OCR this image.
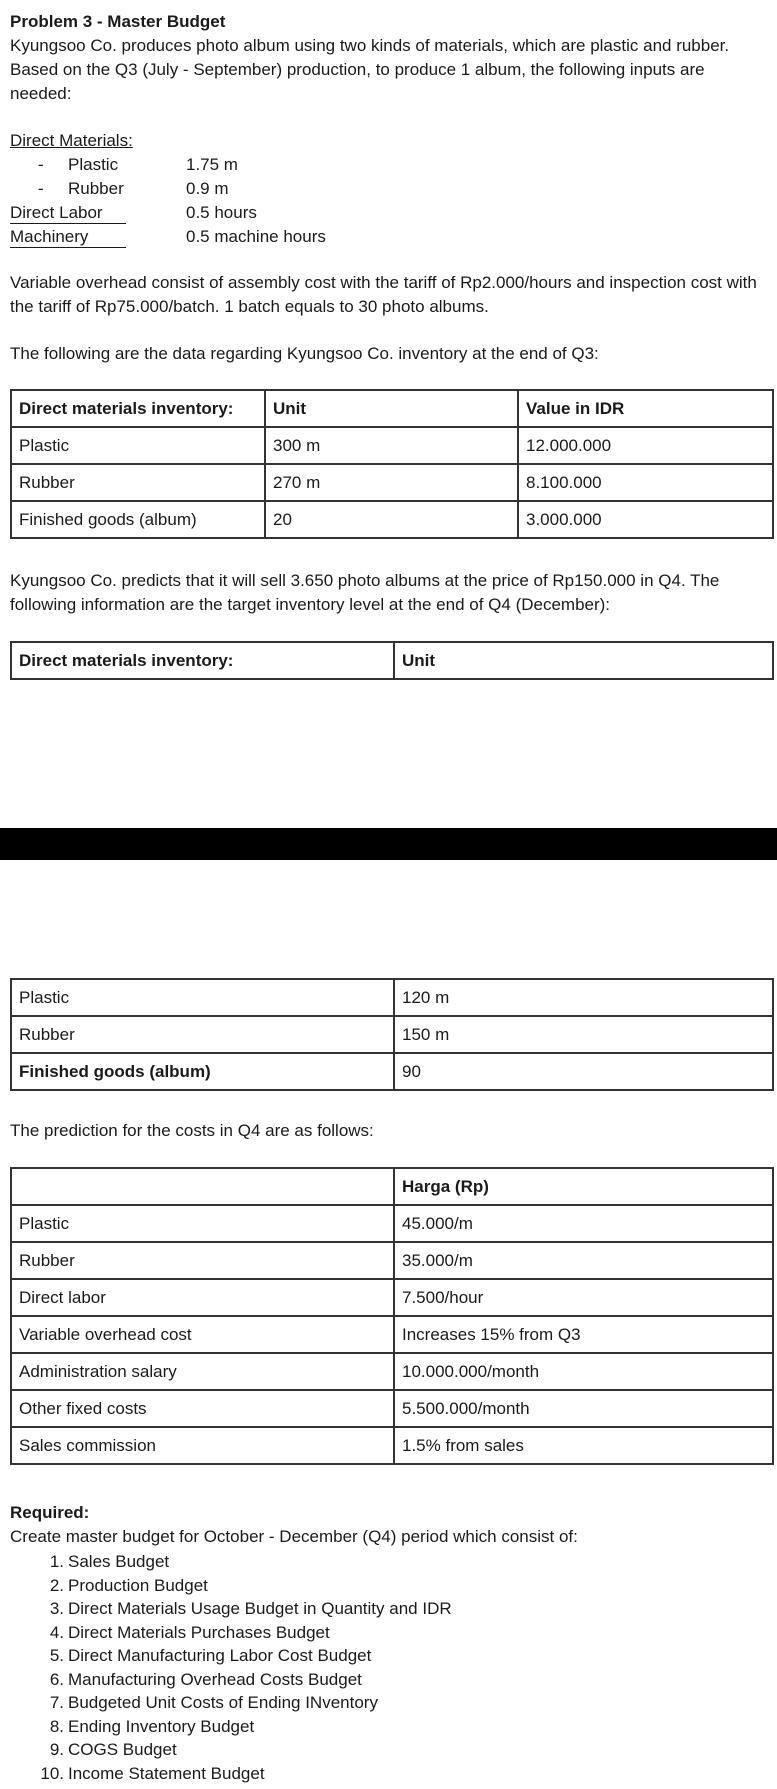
Problem 3 - Master Budget

Kyungsoo Co. produces photo album using two kinds of materials, which are plastic and rubber. Based on the Q3 (July - September) production, to produce 1 album, the following inputs are needed:

Direct Materials:
- Plastic	1.75 m
- Rubber	0.9 m
Direct Labor	0.5 hours
Machinery	0.5 machine hours

Variable overhead consist of assembly cost with the tariff of Rp2.000/hours and inspection cost with the tariff of Rp75.000/batch. 1 batch equals to 30 photo albums.

The following are the data regarding Kyungsoo Co. inventory at the end of Q3:

Direct materials inventory:	Unit	Value in IDR
Plastic	300 m	12.000.000
Rubber	270 m	8.100.000
Finished goods (album)	20	3.000.000

Kyungsoo Co. predicts that it will sell 3.650 photo albums at the price of Rp150.000 in Q4. The following information are the target inventory level at the end of Q4 (December):

Direct materials inventory:	Unit
Plastic	120 m
Rubber	150 m
Finished goods (album)	90

The prediction for the costs in Q4 are as follows:

	Harga (Rp)
Plastic	45.000/m
Rubber	35.000/m
Direct labor	7.500/hour
Variable overhead cost	Increases 15% from Q3
Administration salary	10.000.000/month
Other fixed costs	5.500.000/month
Sales commission	1.5% from sales
Required:
Create master budget for October - December (Q4) period which consist of:
1. Sales Budget
2. Production Budget
3. Direct Materials Usage Budget in Quantity and IDR
4. Direct Materials Purchases Budget
5. Direct Manufacturing Labor Cost Budget
6. Manufacturing Overhead Costs Budget
7. Budgeted Unit Costs of Ending INventory
8. Ending Inventory Budget
9. COGS Budget
10. Income Statement Budget
